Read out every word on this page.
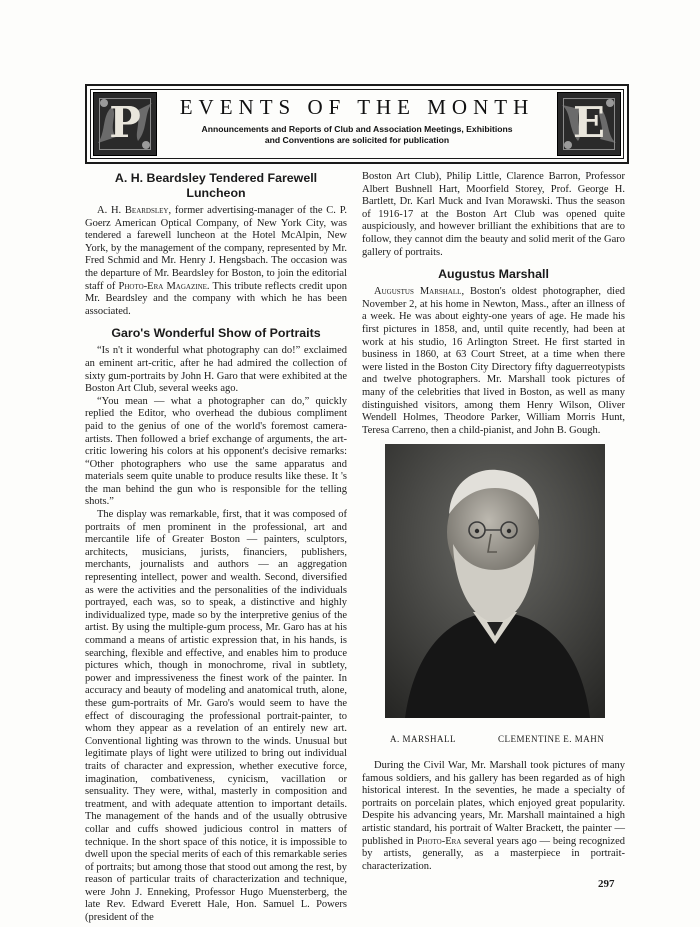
P	EVENTS OF THE MONTH
Announcements and Reports of Club and Association Meetings, Exhibitions
and Conventions are solicited for publication	E
A. H. Beardsley Tendered Farewell Luncheon

A. H. Beardsley, former advertising-manager of the C. P. Goerz American Optical Company, of New York City, was tendered a farewell luncheon at the Hotel McAlpin, New York, by the management of the company, represented by Mr. Fred Schmid and Mr. Henry J. Hengsbach. The occasion was the departure of Mr. Beardsley for Boston, to join the editorial staff of Photo-Era Magazine. This tribute reflects credit upon Mr. Beardsley and the company with which he has been associated.

Garo's Wonderful Show of Portraits

“Is n't it wonderful what photography can do!” exclaimed an eminent art-critic, after he had admired the collection of sixty gum-portraits by John H. Garo that were exhibited at the Boston Art Club, several weeks ago.

“You mean — what a photographer can do,” quickly replied the Editor, who overhead the dubious compliment paid to the genius of one of the world's foremost camera-artists. Then followed a brief exchange of arguments, the art-critic lowering his colors at his opponent's decisive remarks: “Other photographers who use the same apparatus and materials seem quite unable to produce results like these. It 's the man behind the gun who is responsible for the telling shots.”

The display was remarkable, first, that it was composed of portraits of men prominent in the professional, art and mercantile life of Greater Boston — painters, sculptors, architects, musicians, jurists, financiers, publishers, merchants, journalists and authors — an aggregation representing intellect, power and wealth. Second, diversified as were the activities and the personalities of the individuals portrayed, each was, so to speak, a distinctive and highly individualized type, made so by the interpretive genius of the artist. By using the multiple-gum process, Mr. Garo has at his command a means of artistic expression that, in his hands, is searching, flexible and effective, and enables him to produce pictures which, though in monochrome, rival in subtlety, power and impressiveness the finest work of the painter. In accuracy and beauty of modeling and anatomical truth, alone, these gum-portraits of Mr. Garo's would seem to have the effect of discouraging the professional portrait-painter, to whom they appear as a revelation of an entirely new art. Conventional lighting was thrown to the winds. Unusual but legitimate plays of light were utilized to bring out individual traits of character and expression, whether executive force, imagination, combativeness, cynicism, vacillation or sensuality. They were, withal, masterly in composition and treatment, and with adequate attention to important details. The management of the hands and of the usually obtrusive collar and cuffs showed judicious control in matters of technique. In the short space of this notice, it is impossible to dwell upon the special merits of each of this remarkable series of portraits; but among those that stood out among the rest, by reason of particular traits of characterization and technique, were John J. Enneking, Professor Hugo Muensterberg, the late Rev. Edward Everett Hale, Hon. Samuel L. Powers (president of the

Boston Art Club), Philip Little, Clarence Barron, Professor Albert Bushnell Hart, Moorfield Storey, Prof. George H. Bartlett, Dr. Karl Muck and Ivan Morawski. Thus the season of 1916-17 at the Boston Art Club was opened quite auspiciously, and however brilliant the exhibitions that are to follow, they cannot dim the beauty and solid merit of the Garo gallery of portraits.

Augustus Marshall

Augustus Marshall, Boston's oldest photographer, died November 2, at his home in Newton, Mass., after an illness of a week. He was about eighty-one years of age. He made his first pictures in 1858, and, until quite recently, had been at work at his studio, 16 Arlington Street. He first started in business in 1860, at 63 Court Street, at a time when there were listed in the Boston City Directory fifty daguerreotypists and twelve photographers. Mr. Marshall took pictures of many of the celebrities that lived in Boston, as well as many distinguished visitors, among them Henry Wilson, Oliver Wendell Holmes, Theodore Parker, William Morris Hunt, Teresa Carreno, then a child-pianist, and John B. Gough.

A. MARSHALL	CLEMENTINE E. MAHN

During the Civil War, Mr. Marshall took pictures of many famous soldiers, and his gallery has been regarded as of high historical interest. In the seventies, he made a specialty of portraits on porcelain plates, which enjoyed great popularity. Despite his advancing years, Mr. Marshall maintained a high artistic standard, his portrait of Walter Brackett, the painter — published in Photo-Era several years ago — being recognized by artists, generally, as a masterpiece in portrait-characterization.

297
